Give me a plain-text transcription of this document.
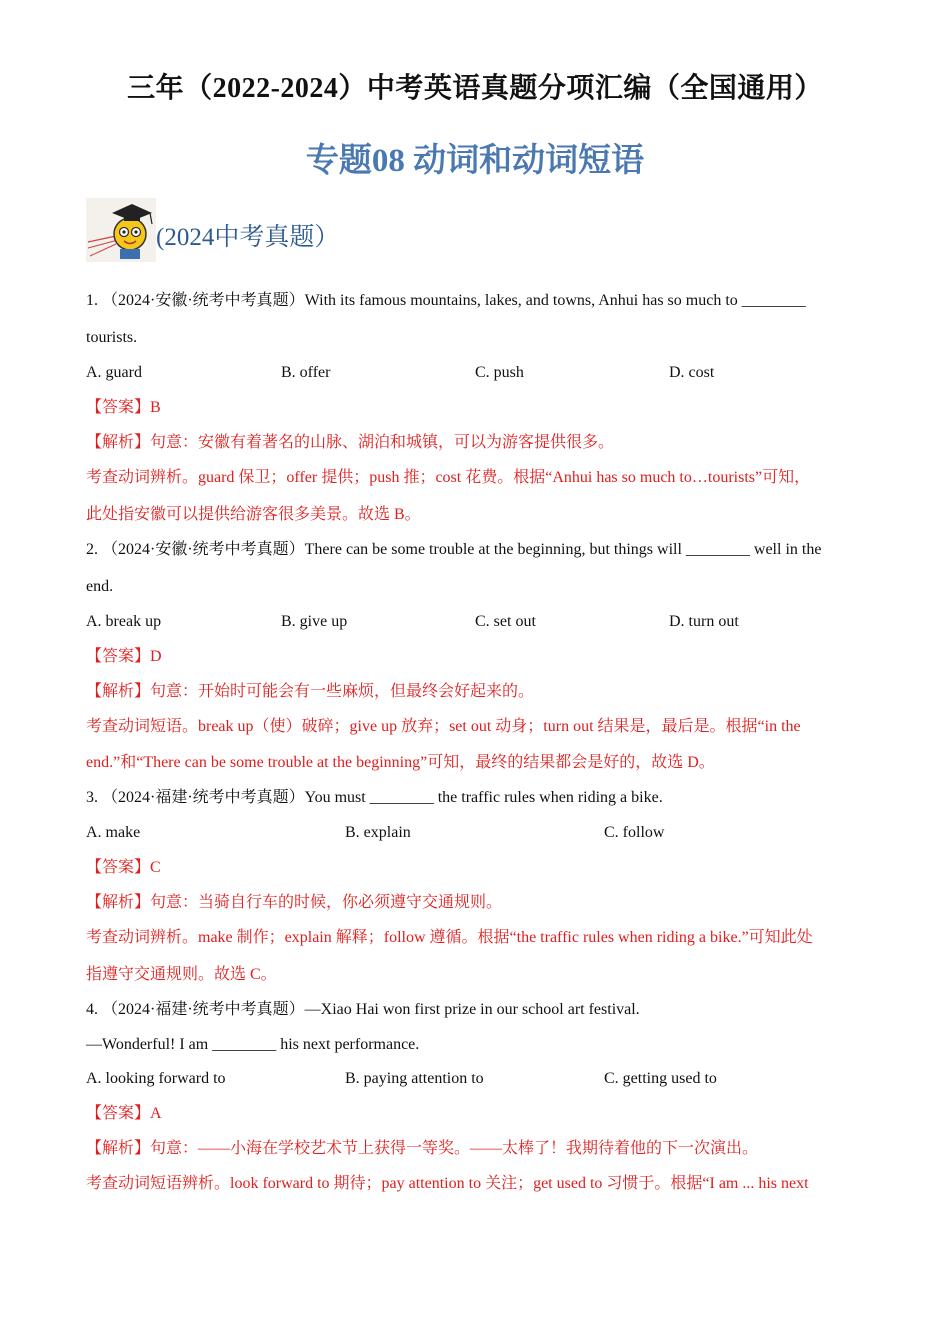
三年（2022-2024）中考英语真题分项汇编（全国通用）
专题08 动词和动词短语
(2024中考真题）
1. （2024·安徽·统考中考真题）With its famous mountains, lakes, and towns, Anhui has so much to ________
tourists.
A. guard	B. offer	C. push	D. cost
【答案】B
【解析】句意：安徽有着著名的山脉、湖泊和城镇，可以为游客提供很多。
考查动词辨析。guard 保卫；offer 提供；push 推；cost 花费。根据“Anhui has so much to…tourists”可知，
此处指安徽可以提供给游客很多美景。故选 B。
2. （2024·安徽·统考中考真题）There can be some trouble at the beginning, but things will ________ well in the
end.
A. break up	B. give up	C. set out	D. turn out
【答案】D
【解析】句意：开始时可能会有一些麻烦，但最终会好起来的。
考查动词短语。break up（使）破碎；give up 放弃；set out 动身；turn out 结果是，最后是。根据“in the
end.”和“There can be some trouble at the beginning”可知，最终的结果都会是好的，故选 D。
3. （2024·福建·统考中考真题）You must ________ the traffic rules when riding a bike.
A. make	B. explain	C. follow
【答案】C
【解析】句意：当骑自行车的时候，你必须遵守交通规则。
考查动词辨析。make 制作；explain 解释；follow 遵循。根据“the traffic rules when riding a bike.”可知此处
指遵守交通规则。故选 C。
4. （2024·福建·统考中考真题）—Xiao Hai won first prize in our school art festival.
—Wonderful! I am ________ his next performance.
A. looking forward to	B. paying attention to	C. getting used to
【答案】A
【解析】句意：——小海在学校艺术节上获得一等奖。——太棒了！我期待着他的下一次演出。
考查动词短语辨析。look forward to 期待；pay attention to 关注；get used to 习惯于。根据“I am ... his next
